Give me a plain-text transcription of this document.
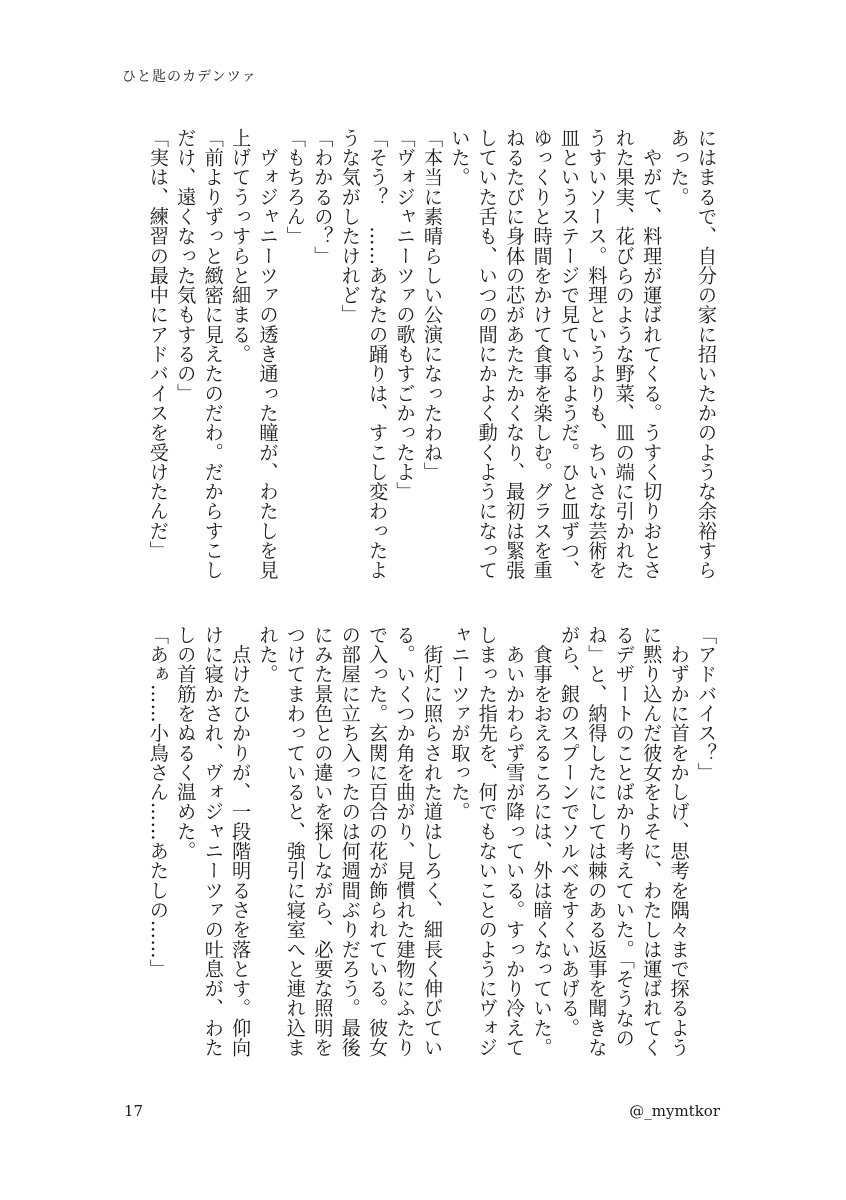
ひと匙のカデンツァ

にはまるで、自分の家に招いたかのような余裕すらあった。

　やがて、料理が運ばれてくる。うすく切りおとされた果実、花びらのような野菜、皿の端に引かれたうすいソース。料理というよりも、ちいさな芸術を皿というステージで見ているようだ。ひと皿ずつ、ゆっくりと時間をかけて食事を楽しむ。グラスを重ねるたびに身体の芯があたたかくなり、最初は緊張していた舌も、いつの間にかよく動くようになっていた。

「本当に素晴らしい公演になったわね」

「ヴォジャニーツァの歌もすごかったよ」

「そう？　……あなたの踊りは、すこし変わったような気がしたけれど」

「わかるの？」

「もちろん」

　ヴォジャニーツァの透き通った瞳が、わたしを見上げてうっすらと細まる。

「前よりずっと緻密に見えたのだわ。だからすこしだけ、遠くなった気もするの」

「実は、練習の最中にアドバイスを受けたんだ」

「アドバイス？」

　わずかに首をかしげ、思考を隅々まで探るように黙り込んだ彼女をよそに、わたしは運ばれてくるデザートのことばかり考えていた。「そうなのね」と、納得したにしては棘のある返事を聞きながら、銀のスプーンでソルベをすくいあげる。

　食事をおえるころには、外は暗くなっていた。

　あいかわらず雪が降っている。すっかり冷えてしまった指先を、何でもないことのようにヴォジャニーツァが取った。

　街灯に照らされた道はしろく、細長く伸びている。いくつか角を曲がり、見慣れた建物にふたりで入った。玄関に百合の花が飾られている。彼女の部屋に立ち入ったのは何週間ぶりだろう。最後にみた景色との違いを探しながら、必要な照明をつけてまわっていると、強引に寝室へと連れ込まれた。

　点けたひかりが、一段階明るさを落とす。仰向けに寝かされ、ヴォジャニーツァの吐息が、わたしの首筋をぬるく温めた。

「あぁ……小鳥さん……あたしの……」

17	@_mymtkor
